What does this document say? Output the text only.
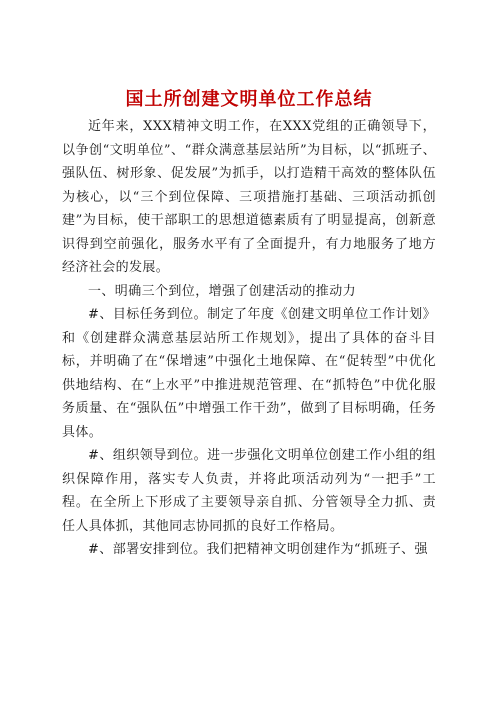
国土所创建文明单位工作总结

近年来，XXX精神文明工作，在XXX党组的正确领导下，以争创“文明单位”、“群众满意基层站所”为目标，以“抓班子、强队伍、树形象、促发展”为抓手，以打造精干高效的整体队伍为核心，以“三个到位保障、三项措施打基础、三项活动抓创建”为目标，使干部职工的思想道德素质有了明显提高，创新意识得到空前强化，服务水平有了全面提升，有力地服务了地方经济社会的发展。

一、明确三个到位，增强了创建活动的推动力

#、目标任务到位。制定了年度《创建文明单位工作计划》和《创建群众满意基层站所工作规划》，提出了具体的奋斗目标，并明确了在“保增速”中强化土地保障、在“促转型”中优化供地结构、在“上水平”中推进规范管理、在“抓特色”中优化服务质量、在“强队伍”中增强工作干劲”，做到了目标明确，任务具体。

#、组织领导到位。进一步强化文明单位创建工作小组的组织保障作用，落实专人负责，并将此项活动列为“一把手”工程。在全所上下形成了主要领导亲自抓、分管领导全力抓、责任人具体抓，其他同志协同抓的良好工作格局。

#、部署安排到位。我们把精神文明创建作为“抓班子、强
